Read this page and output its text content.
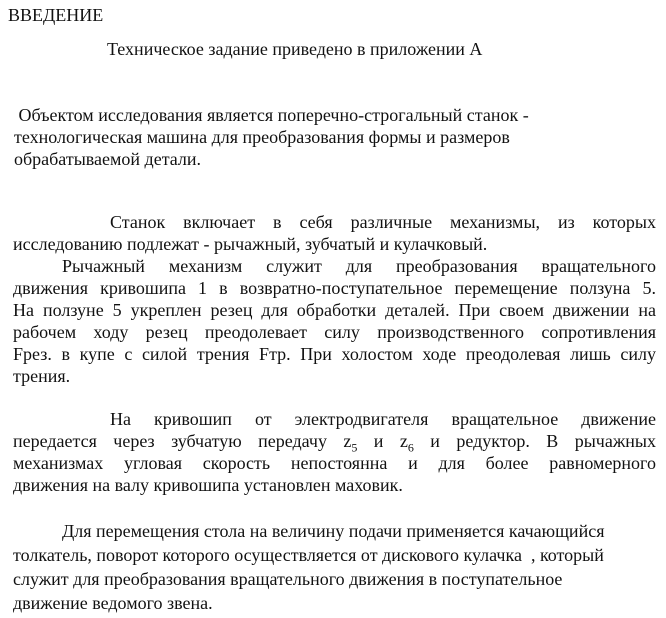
ВВЕДЕНИЕ
Техническое задание приведено в приложении А
Объектом исследования является поперечно-строгальный станок -
технологическая машина для преобразования формы и размеров
обрабатываемой детали.
Станок включает в себя различные механизмы, из которых
исследованию подлежат - рычажный, зубчатый и кулачковый.
Рычажный механизм служит для преобразования вращательного
движения кривошипа 1 в возвратно-поступательное перемещение ползуна 5.
На ползуне 5 укреплен резец для обработки деталей. При своем движении на
рабочем ходу резец преодолевает силу производственного сопротивления
Fрез. в купе с силой трения Fтр. При холостом ходе преодолевая лишь силу
трения.
На кривошип от электродвигателя вращательное движение
передается через зубчатую передачу $z_5$ и $z_6$ и редуктор. В рычажных
механизмах угловая скорость непостоянна и для более равномерного
движения на валу кривошипа установлен маховик.
Для перемещения стола на величину подачи применяется качающийся
толкатель, поворот которого осуществляется от дискового кулачка  , который
служит для преобразования вращательного движения в поступательное
движение ведомого звена.
